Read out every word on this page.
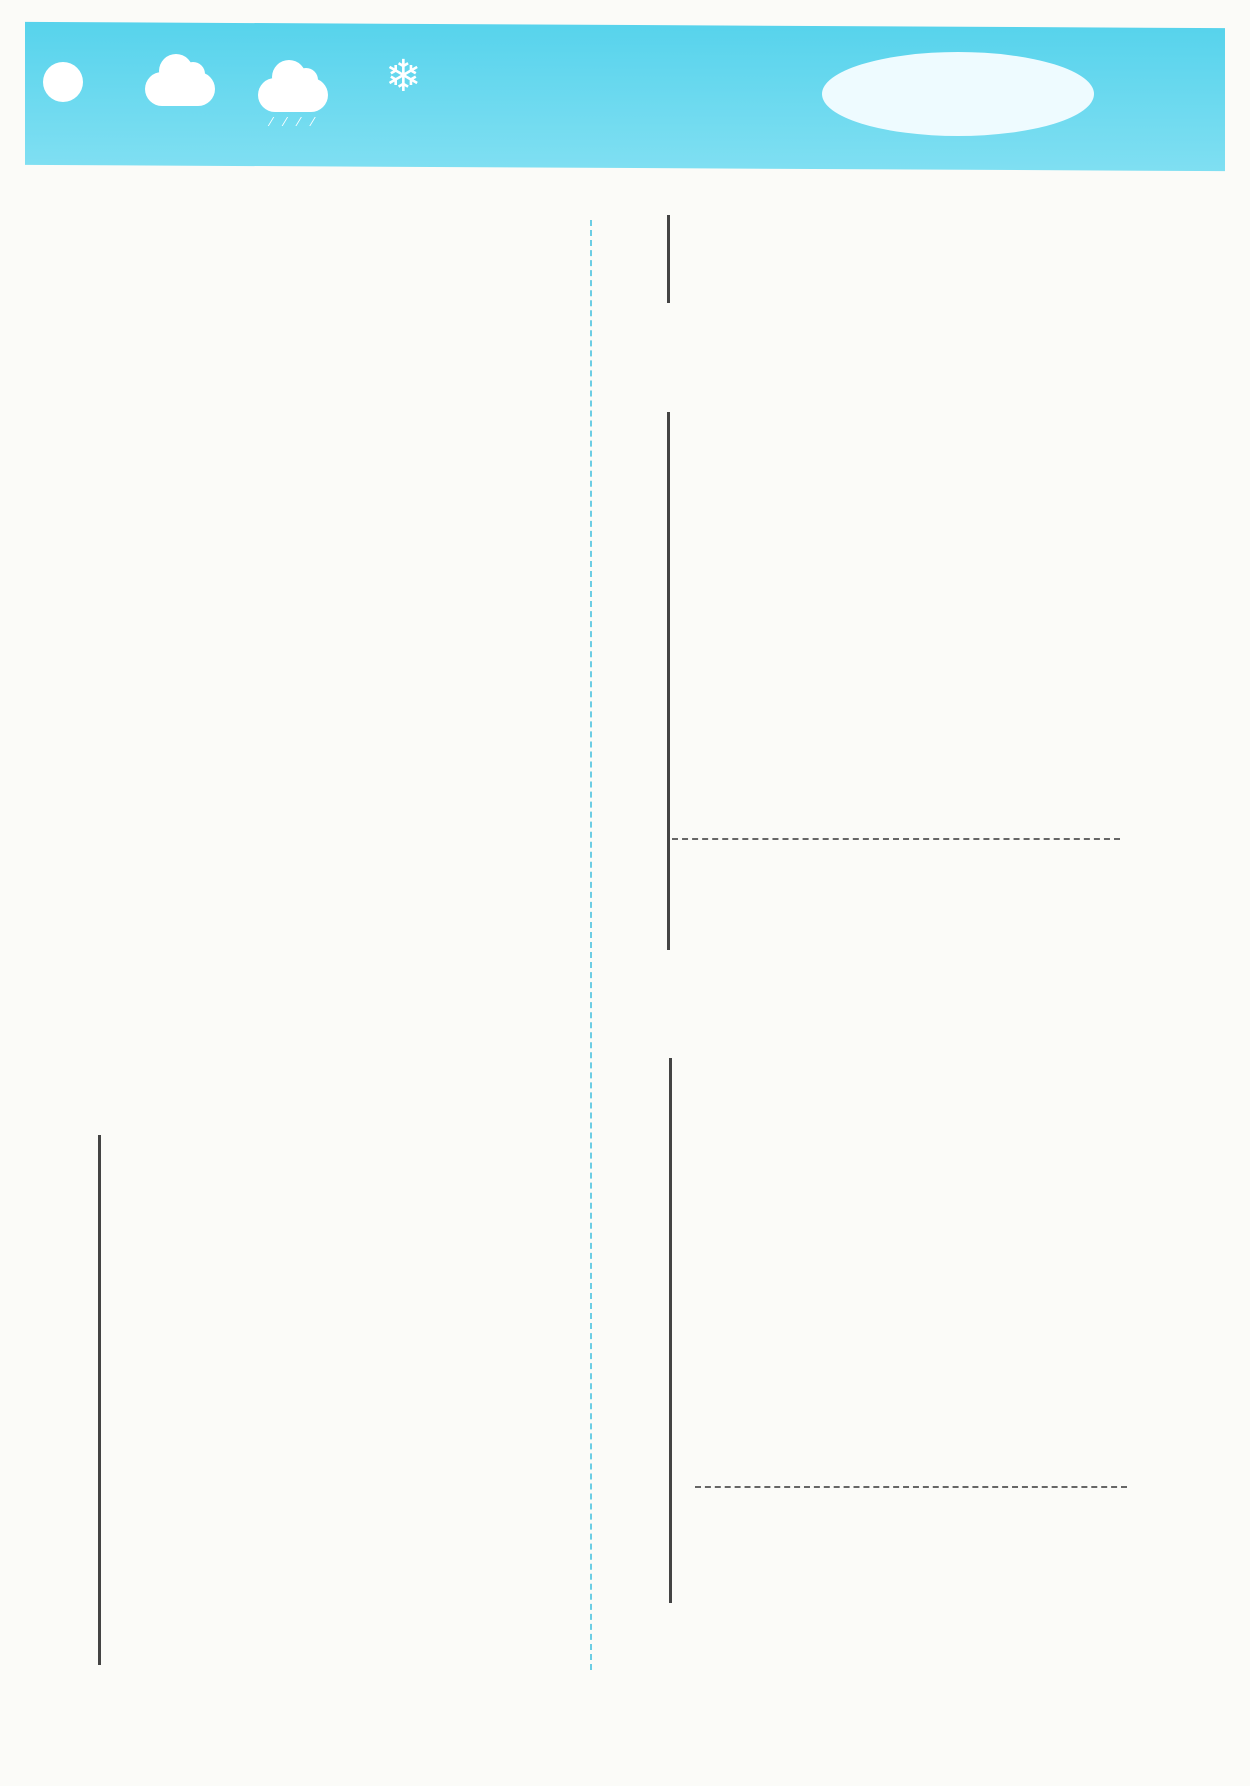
⁄ ⁄ ⁄ ⁄
❄
